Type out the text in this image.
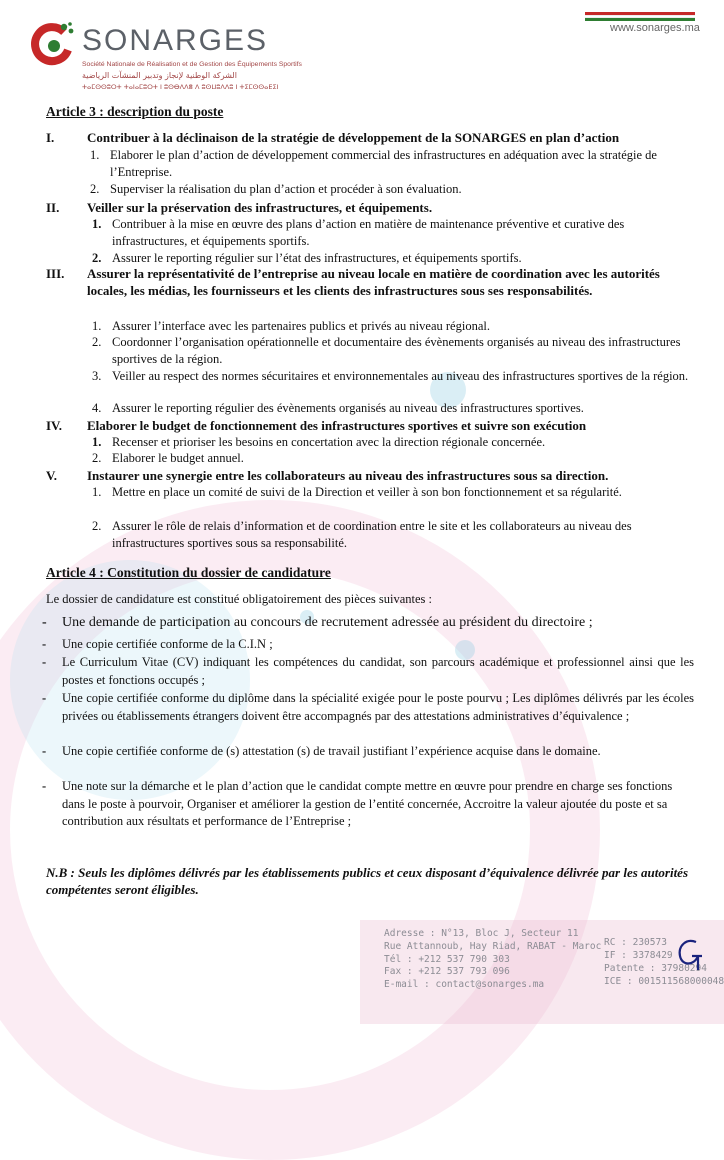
SONARGES
Société Nationale de Réalisation et de Gestion des Équipements Sportifs
الشركة الوطنية لإنجاز وتدبير المنشآت الرياضية
ⵜⴰⵎⵙⵙⵓⵔⵜ ⵜⴰⵏⴰⵎⵓⵔⵜ ⵏ ⵓⵙⴱⴷⴷⴻ ⴷ ⵓⵙⵡⵓⴷⴷⵓ ⵏ ⵜⵉⵎⵙⵙⴰⴹⵉⵏ
www.sonarges.ma
Article 3 : description du poste
I.	Contribuer à la déclinaison de la stratégie de développement de la SONARGES en plan d’action
1. Elaborer le plan d’action de développement commercial des infrastructures en adéquation avec la stratégie de l’Entreprise.
2. Superviser la réalisation du plan d’action et procéder à son évaluation.
II. Veiller sur la préservation des infrastructures, et équipements.
1. Contribuer à la mise en œuvre des plans d’action en matière de maintenance préventive et curative des infrastructures, et équipements sportifs.
2. Assurer le reporting régulier sur l’état des infrastructures, et équipements sportifs.
III. Assurer la représentativité de l’entreprise au niveau locale en matière de coordination avec les autorités locales, les médias, les fournisseurs et les clients des infrastructures sous ses responsabilités.
1. Assurer l’interface avec les partenaires publics et privés au niveau régional.
2. Coordonner l’organisation opérationnelle et documentaire des évènements organisés au niveau des infrastructures sportives de la région.
3. Veiller au respect des normes sécuritaires et environnementales au niveau des infrastructures sportives de la région.
4. Assurer le reporting régulier des évènements organisés au niveau des infrastructures sportives.
IV. Elaborer le budget de fonctionnement des infrastructures sportives et suivre son exécution
1. Recenser et prioriser les besoins en concertation avec la direction régionale concernée.
2. Elaborer le budget annuel.
V. Instaurer une synergie entre les collaborateurs au niveau des infrastructures sous sa direction.
1. Mettre en place un comité de suivi de la Direction et veiller à son bon fonctionnement et sa régularité.
2. Assurer le rôle de relais d’information et de coordination entre le site et les collaborateurs au niveau des infrastructures sportives sous sa responsabilité.
Article 4 : Constitution du dossier de candidature
Le dossier de candidature est constitué obligatoirement des pièces suivantes :
- Une demande de participation au concours de recrutement adressée au président du directoire ;
- Une copie certifiée conforme de la C.I.N ;
- Le Curriculum Vitae (CV) indiquant les compétences du candidat, son parcours académique et professionnel ainsi que les postes et fonctions occupés ;
- Une copie certifiée conforme du diplôme dans la spécialité exigée pour le poste pourvu ; Les diplômes délivrés par les écoles privées ou établissements étrangers doivent être accompagnés par des attestations administratives d’équivalence ;
- Une copie certifiée conforme de (s) attestation (s) de travail justifiant l’expérience acquise dans le domaine.
- Une note sur la démarche et le plan d’action que le candidat compte mettre en œuvre pour prendre en charge ses fonctions dans le poste à pourvoir, Organiser et améliorer la gestion de l’entité concernée, Accroitre la valeur ajoutée du poste et sa contribution aux résultats et performance de l’Entreprise ;
N.B : Seuls les diplômes délivrés par les établissements publics et ceux disposant d’équivalence délivrée par les autorités compétentes seront éligibles.
Adresse : N°13, Bloc J, Secteur 11
Rue Attannoub, Hay Riad, RABAT - Maroc
Tél : +212 537 790 303
Fax : +212 537 793 096
E-mail : contact@sonarges.ma
RC : 230573
IF : 3378429
Patente : 37980294
ICE : 001511568000048
